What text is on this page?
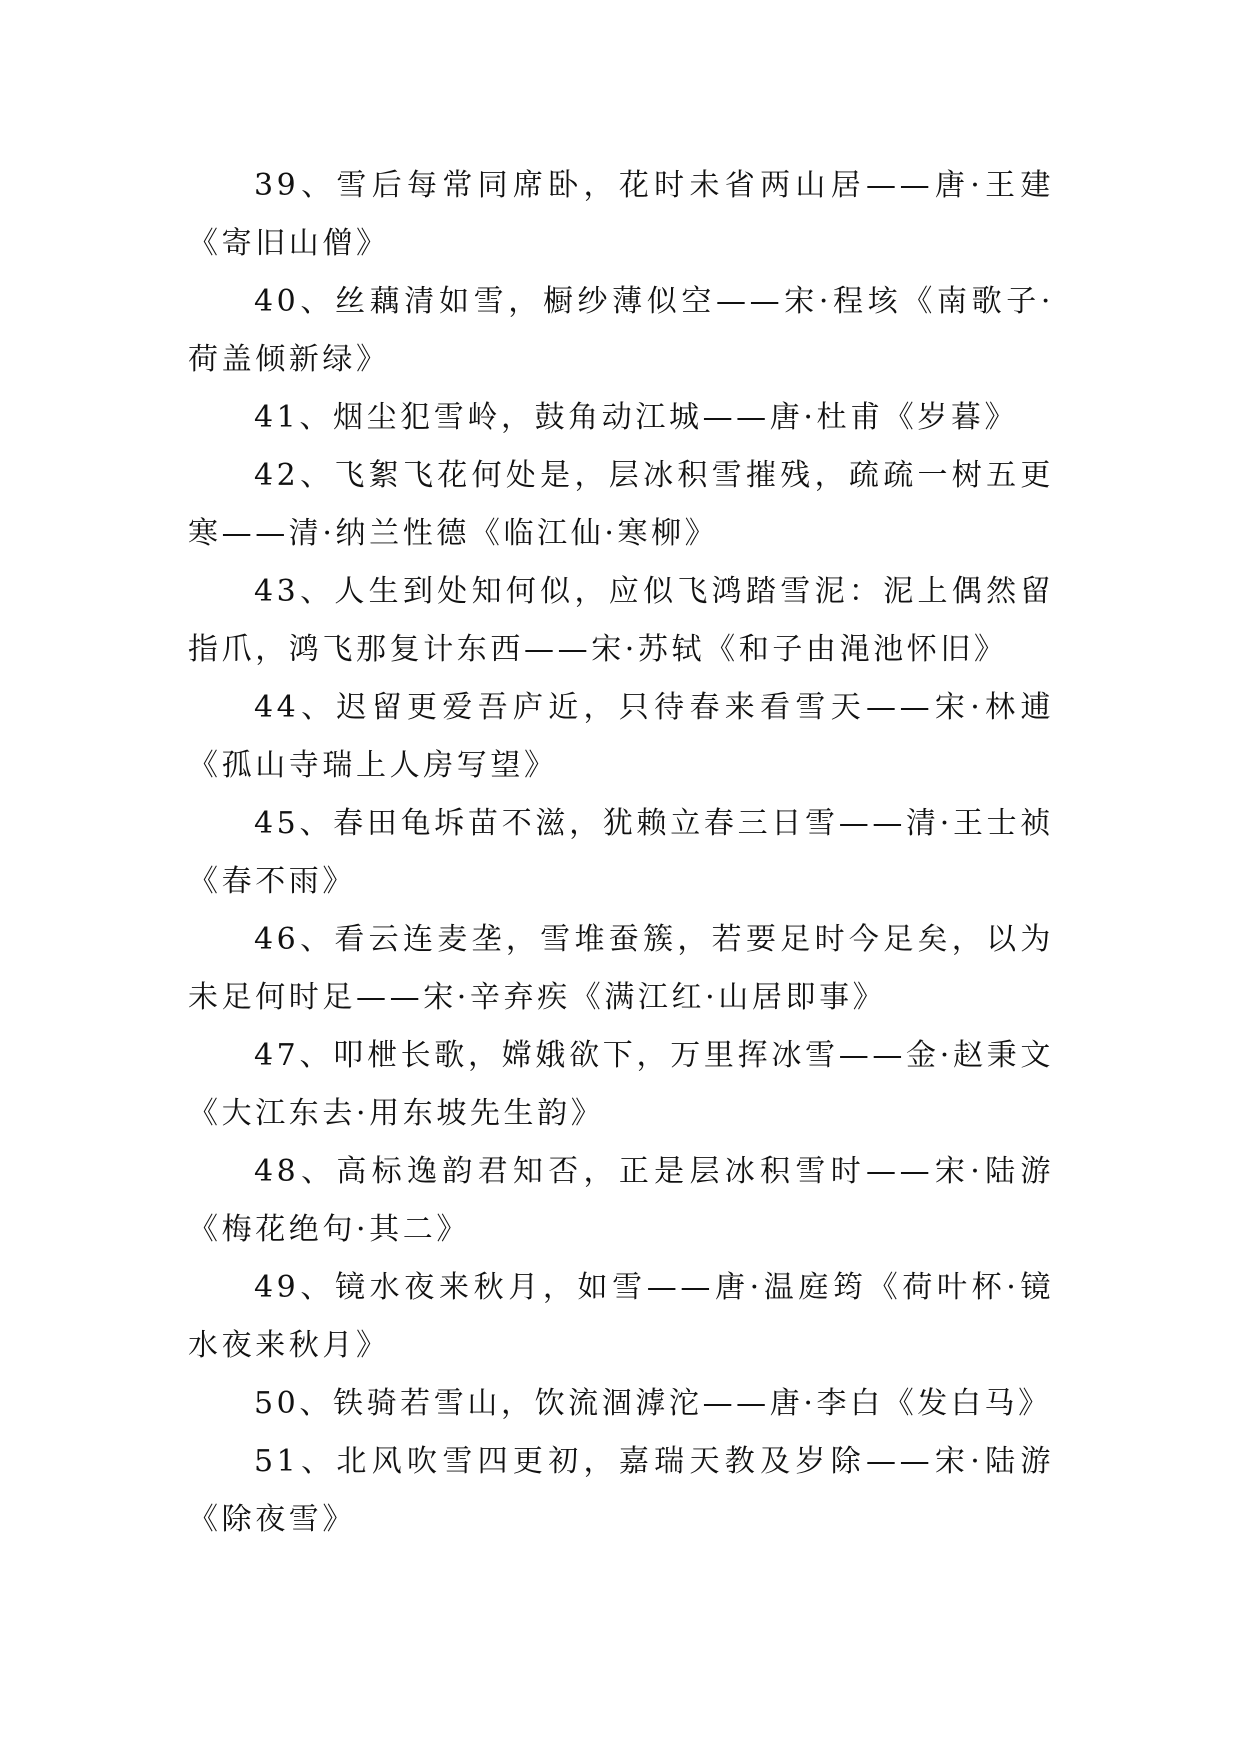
39、雪后每常同席卧，花时未省两山居——唐·王建《寄旧山僧》

40、丝藕清如雪，橱纱薄似空——宋·程垓《南歌子·荷盖倾新绿》

41、烟尘犯雪岭，鼓角动江城——唐·杜甫《岁暮》

42、飞絮飞花何处是，层冰积雪摧残，疏疏一树五更寒——清·纳兰性德《临江仙·寒柳》

43、人生到处知何似，应似飞鸿踏雪泥：泥上偶然留指爪，鸿飞那复计东西——宋·苏轼《和子由渑池怀旧》

44、迟留更爱吾庐近，只待春来看雪天——宋·林逋《孤山寺瑞上人房写望》

45、春田龟坼苗不滋，犹赖立春三日雪——清·王士祯《春不雨》

46、看云连麦垄，雪堆蚕簇，若要足时今足矣，以为未足何时足——宋·辛弃疾《满江红·山居即事》

47、叩枻长歌，嫦娥欲下，万里挥冰雪——金·赵秉文《大江东去·用东坡先生韵》

48、高标逸韵君知否，正是层冰积雪时——宋·陆游《梅花绝句·其二》

49、镜水夜来秋月，如雪——唐·温庭筠《荷叶杯·镜水夜来秋月》

50、铁骑若雪山，饮流涸滹沱——唐·李白《发白马》

51、北风吹雪四更初，嘉瑞天教及岁除——宋·陆游《除夜雪》
